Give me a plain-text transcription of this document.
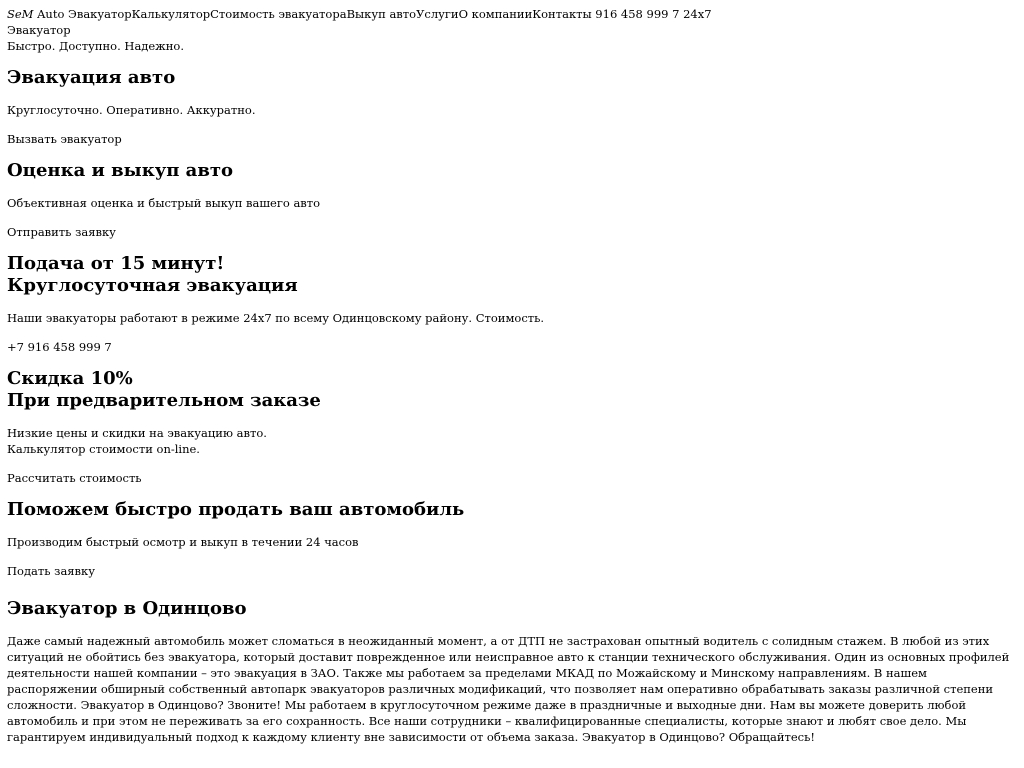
SeM Auto ЭвакуаторКалькуляторСтоимость эвакуатораВыкуп автоУслугиО компанииКонтакты 916 458 999 7 24x7
Эвакуатор
Быстро. Доступно. Надежно.
Эвакуация авто

Круглосуточно. Оперативно. Аккуратно.

Вызвать эвакуатор
Оценка и выкуп авто

Объективная оценка и быстрый выкуп вашего авто

Отправить заявку
Подача от 15 минут!
Круглосуточная эвакуация

Наши эвакуаторы работают в режиме 24x7 по всему Одинцовскому району. Стоимость.

+7 916 458 999 7
Скидка 10%
При предварительном заказе

Низкие цены и скидки на эвакуацию авто.
Калькулятор стоимости on-line.

Рассчитать стоимость
Поможем быстро продать ваш автомобиль

Производим быстрый осмотр и выкуп в течении 24 часов

Подать заявку
Эвакуатор в Одинцово

Даже самый надежный автомобиль может сломаться в неожиданный момент, а от ДТП не застрахован опытный водитель с солидным стажем. В любой из этих ситуаций не обойтись без эвакуатора, который доставит поврежденное или неисправное авто к станции технического обслуживания. Один из основных профилей деятельности нашей компании – это эвакуация в ЗАО. Также мы работаем за пределами МКАД по Можайскому и Минскому направлениям. В нашем распоряжении обширный собственный автопарк эвакуаторов различных модификаций, что позволяет нам оперативно обрабатывать заказы различной степени сложности. Эвакуатор в Одинцово? Звоните! Мы работаем в круглосуточном режиме даже в праздничные и выходные дни. Нам вы можете доверить любой автомобиль и при этом не переживать за его сохранность. Все наши сотрудники – квалифицированные специалисты, которые знают и любят свое дело. Мы гарантируем индивидуальный подход к каждому клиенту вне зависимости от объема заказа. Эвакуатор в Одинцово? Обращайтесь!
